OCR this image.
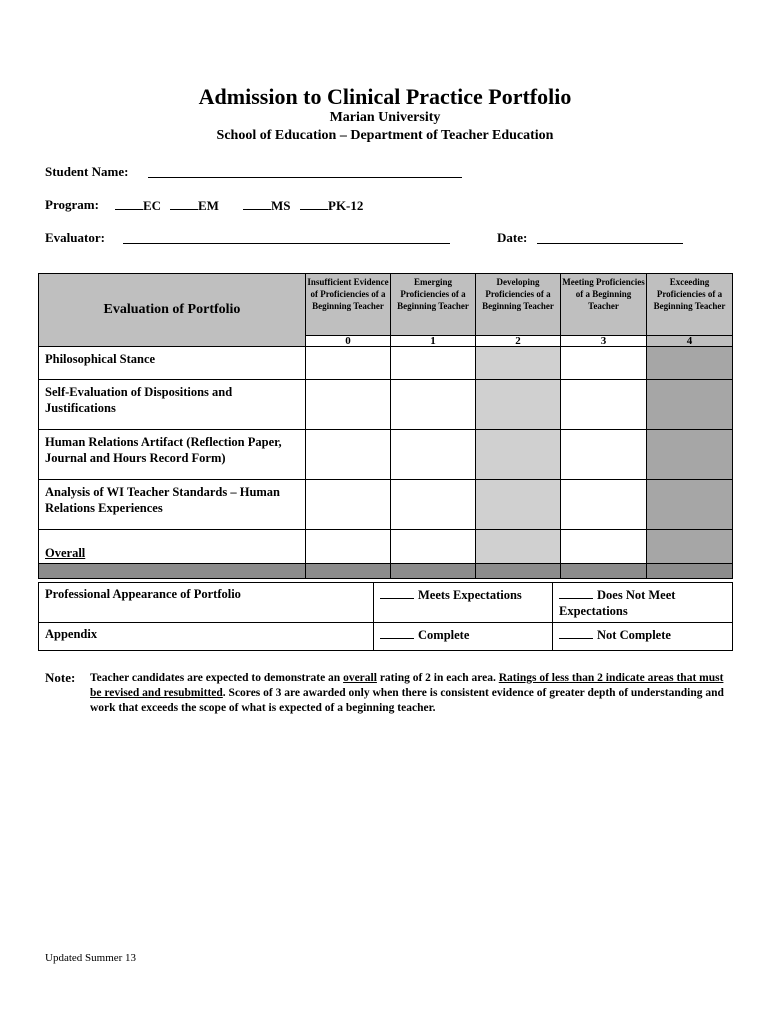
Admission to Clinical Practice Portfolio
Marian University
School of Education – Department of Teacher Education
Student Name:
Program:	EC	EM	MS	PK-12
Evaluator:	Date:
Evaluation of Portfolio	Insufficient Evidence of Proficiencies of a Beginning Teacher	Emerging Proficiencies of a Beginning Teacher	Developing Proficiencies of a Beginning Teacher	Meeting Proficiencies of a Beginning Teacher	Exceeding Proficiencies of a Beginning Teacher
	0	1	2	3	4
Philosophical Stance					
Self-Evaluation of Dispositions and Justifications					
Human Relations Artifact (Reflection Paper, Journal and Hours Record Form)					
Analysis of WI Teacher Standards – Human Relations Experiences					
Overall					

Professional Appearance of Portfolio	Meets Expectations	Does Not Meet Expectations
Appendix	Complete	Not Complete
Note: Teacher candidates are expected to demonstrate an overall rating of 2 in each area. Ratings of less than 2 indicate areas that must be revised and resubmitted. Scores of 3 are awarded only when there is consistent evidence of greater depth of understanding and work that exceeds the scope of what is expected of a beginning teacher.
Updated Summer 13
